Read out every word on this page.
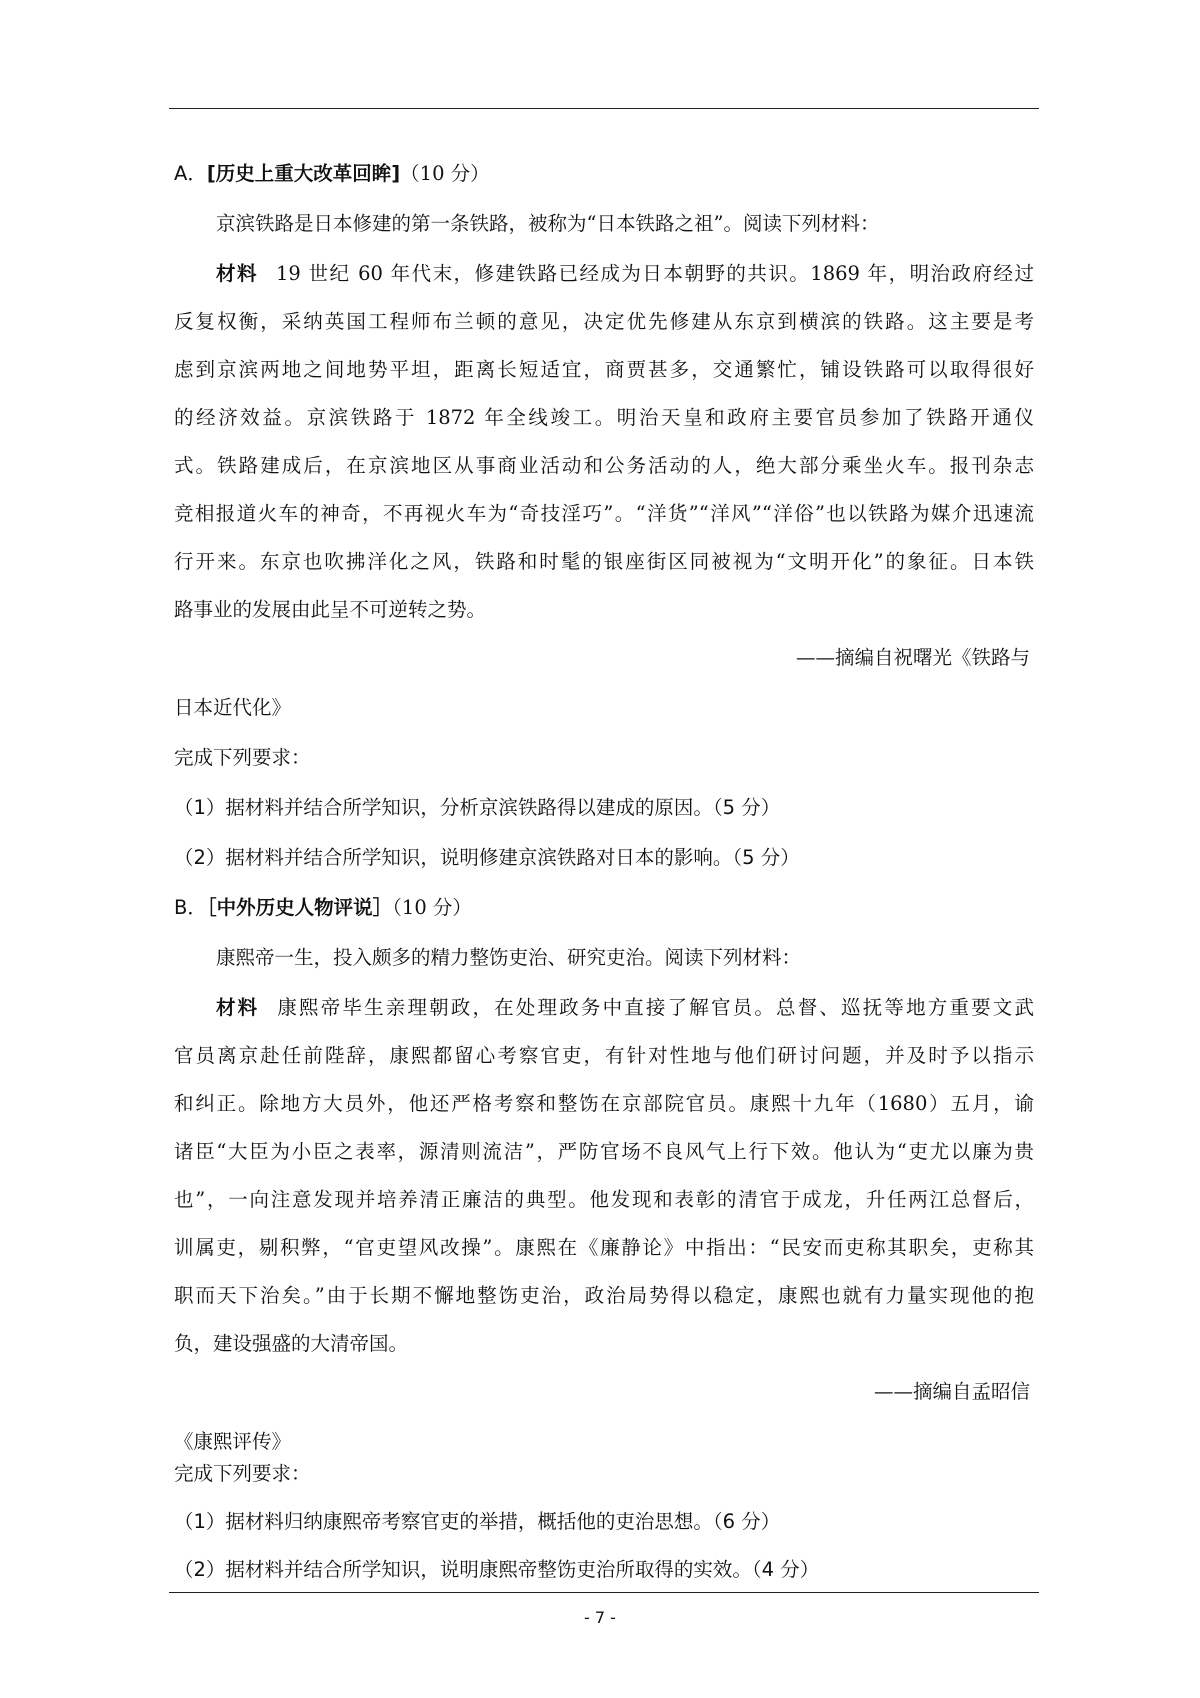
A．[历史上重大改革回眸]（10 分）
京滨铁路是日本修建的第一条铁路，被称为“日本铁路之祖”。阅读下列材料：
材料 19 世纪 60 年代末，修建铁路已经成为日本朝野的共识。1869 年，明治政府经过
反复权衡，采纳英国工程师布兰顿的意见，决定优先修建从东京到横滨的铁路。这主要是考
虑到京滨两地之间地势平坦，距离长短适宜，商贾甚多，交通繁忙，铺设铁路可以取得很好
的经济效益。京滨铁路于 1872 年全线竣工。明治天皇和政府主要官员参加了铁路开通仪
式。铁路建成后，在京滨地区从事商业活动和公务活动的人，绝大部分乘坐火车。报刊杂志
竞相报道火车的神奇，不再视火车为“奇技淫巧”。“洋货”“洋风”“洋俗”也以铁路为媒介迅速流
行开来。东京也吹拂洋化之风，铁路和时髦的银座街区同被视为“文明开化”的象征。日本铁
路事业的发展由此呈不可逆转之势。
——摘编自祝曙光《铁路与
日本近代化》
完成下列要求：
（1）据材料并结合所学知识，分析京滨铁路得以建成的原因。（5 分）
（2）据材料并结合所学知识，说明修建京滨铁路对日本的影响。（5 分）
B．［中外历史人物评说］（10 分）
康熙帝一生，投入颇多的精力整饬吏治、研究吏治。阅读下列材料：
材料 康熙帝毕生亲理朝政，在处理政务中直接了解官员。总督、巡抚等地方重要文武
官员离京赴任前陛辞，康熙都留心考察官吏，有针对性地与他们研讨问题，并及时予以指示
和纠正。除地方大员外，他还严格考察和整饬在京部院官员。康熙十九年（1680）五月，谕
诸臣“大臣为小臣之表率，源清则流洁”，严防官场不良风气上行下效。他认为“吏尤以廉为贵
也”，一向注意发现并培养清正廉洁的典型。他发现和表彰的清官于成龙，升任两江总督后，
训属吏，剔积弊，“官吏望风改操”。康熙在《廉静论》中指出：“民安而吏称其职矣，吏称其
职而天下治矣。”由于长期不懈地整饬吏治，政治局势得以稳定，康熙也就有力量实现他的抱
负，建设强盛的大清帝国。
——摘编自孟昭信
《康熙评传》
完成下列要求：
（1）据材料归纳康熙帝考察官吏的举措，概括他的吏治思想。（6 分）
- 7 -
（2）据材料并结合所学知识，说明康熙帝整饬吏治所取得的实效。（4 分）
